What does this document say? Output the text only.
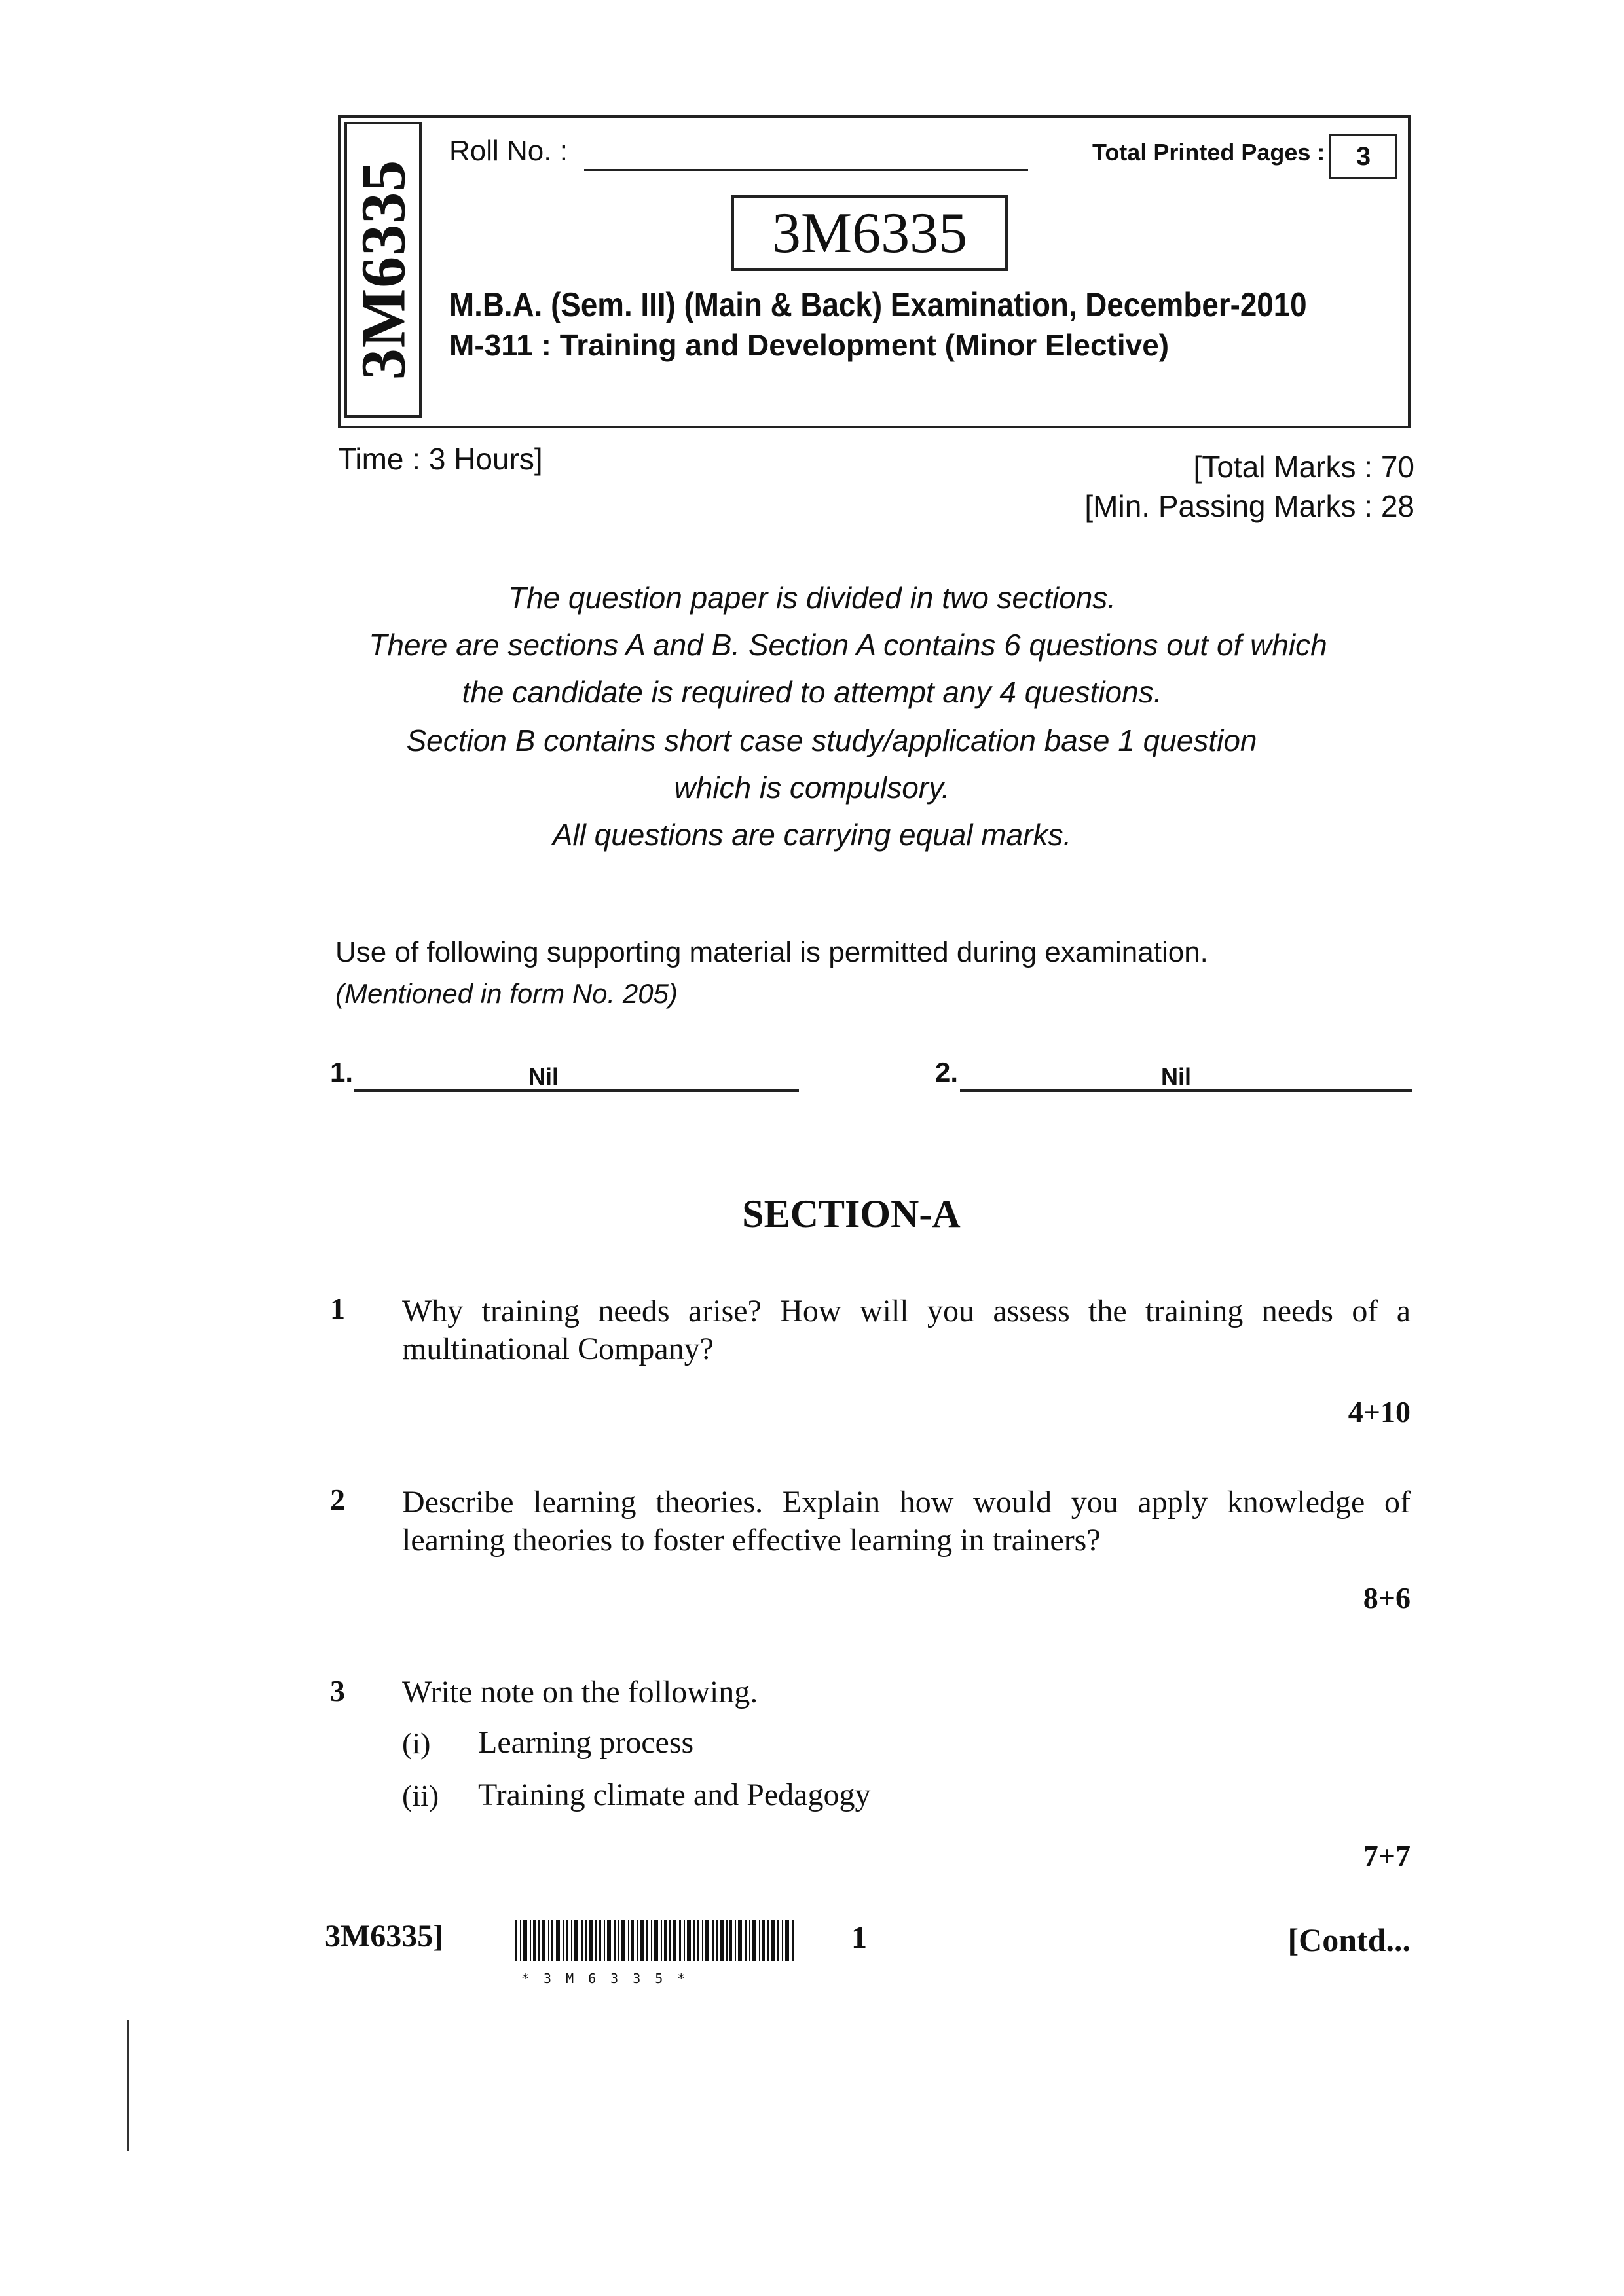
3M6335
Roll No. :	Total Printed Pages :	3
3M6335
M.B.A. (Sem. III) (Main & Back) Examination, December-2010
M-311 : Training and Development (Minor Elective)
Time : 3 Hours]	[Total Marks : 70
[Min. Passing Marks : 28
The question paper is divided in two sections.
There are sections A and B. Section A contains 6 questions out of which
the candidate is required to attempt any 4 questions.
Section B contains short case study/application base 1 question
which is compulsory.
All questions are carrying equal marks.
Use of following supporting material is permitted during examination.
(Mentioned in form No. 205)
1.	Nil	2.	Nil
SECTION-A
1 Why training needs arise? How will you assess the training needs of a multinational Company?
4+10
2 Describe learning theories. Explain how would you apply knowledge of learning theories to foster effective learning in trainers?
8+6
3 Write note on the following.
(i) Learning process
(ii) Training climate and Pedagogy
7+7
3M6335]
*3M6335*
1	[Contd...
